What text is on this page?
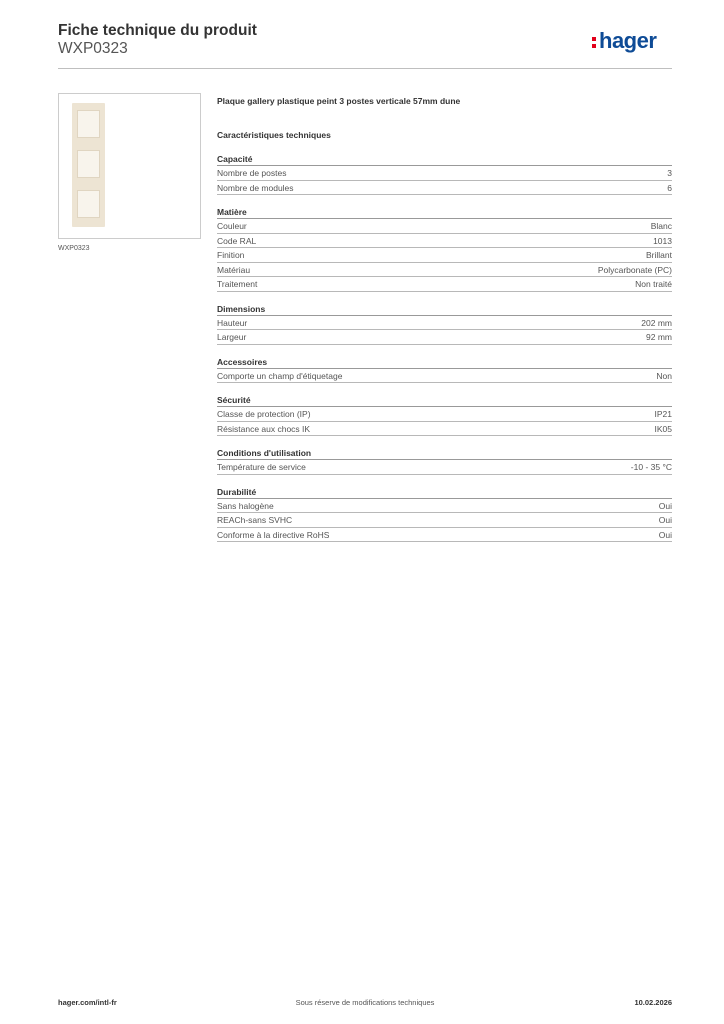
Fiche technique du produit
WXP0323	hager
WXP0323
Plaque gallery plastique peint 3 postes verticale 57mm dune
Caractéristiques techniques
Capacité
Nombre de postes	3
Nombre de modules	6
Matière
Couleur	Blanc
Code RAL	1013
Finition	Brillant
Matériau	Polycarbonate (PC)
Traitement	Non traité
Dimensions
Hauteur	202 mm
Largeur	92 mm
Accessoires
Comporte un champ d'étiquetage	Non
Sécurité
Classe de protection (IP)	IP21
Résistance aux chocs IK	IK05
Conditions d'utilisation
Température de service	-10 - 35 °C
Durabilité
Sans halogène	Oui
REACh-sans SVHC	Oui
Conforme à la directive RoHS	Oui
hager.com/intl-fr	Sous réserve de modifications techniques	10.02.2026
